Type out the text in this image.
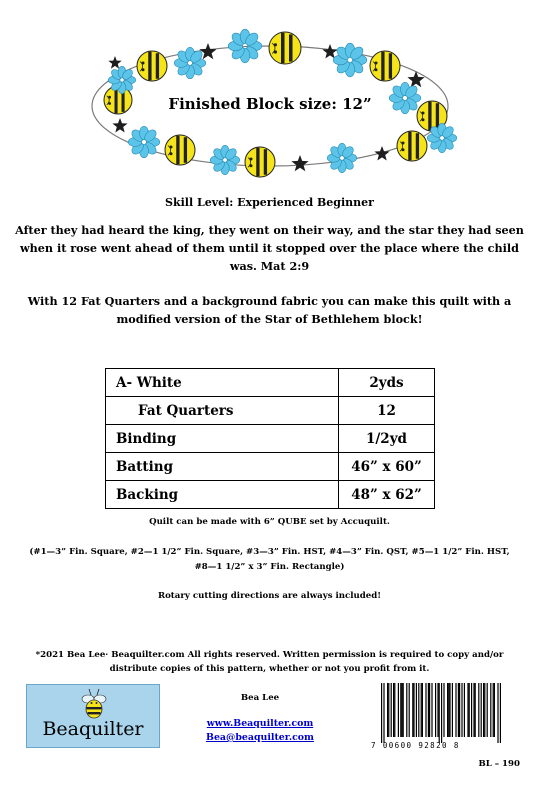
Finished Block size: 12”
Skill Level: Experienced Beginner
After they had heard the king, they went on their way, and the star they had seen when it rose went ahead of them until it stopped over the place where the child was. Mat 2:9
With 12 Fat Quarters and a background fabric you can make this quilt with a modified version of the Star of Bethlehem block!
A- White	2yds
Fat Quarters	12
Binding	1/2yd
Batting	46” x 60”
Backing	48” x 62”
Quilt can be made with 6” QUBE set by Accuquilt.
(#1—3” Fin. Square, #2—1 1/2” Fin. Square, #3—3” Fin. HST, #4—3” Fin. QST, #5—1 1/2” Fin. HST, #8—1 1/2” x 3” Fin. Rectangle)
Rotary cutting directions are always included!
*2021 Bea Lee· Beaquilter.com All rights reserved. Written permission is required to copy and/or distribute copies of this pattern, whether or not you profit from it.
Beaquilter
Bea Lee
www.Beaquilter.com
Bea@beaquilter.com
7 00600 92820 8
BL – 190
